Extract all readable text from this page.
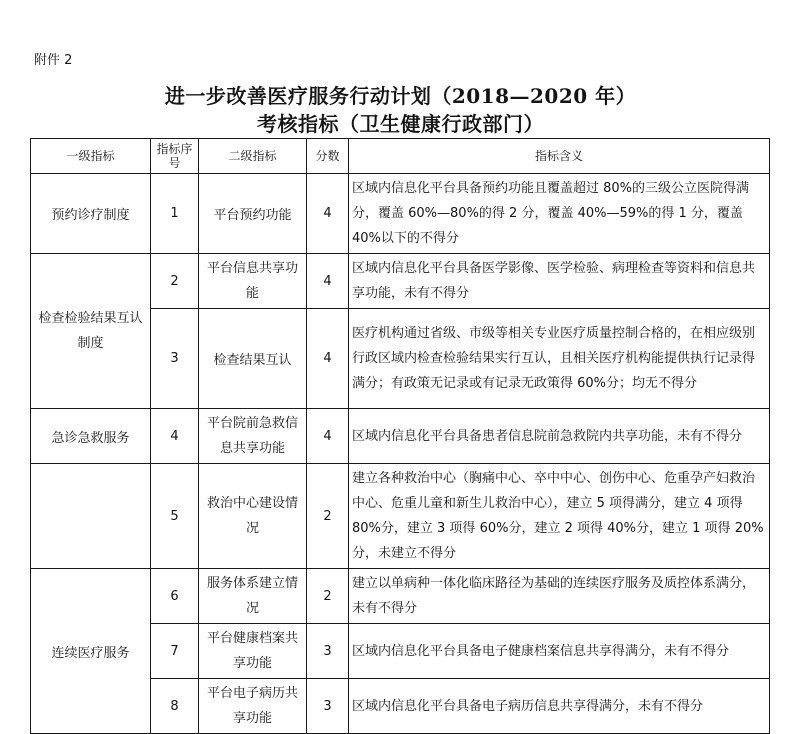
附件 2
进一步改善医疗服务行动计划（2018—2020 年）
考核指标（卫生健康行政部门）
一级指标	指标序号	二级指标	分数	指标含义
预约诊疗制度	1	平台预约功能	4	区域内信息化平台具备预约功能且覆盖超过 80%的三级公立医院得满分，覆盖 60%—80%的得 2 分，覆盖 40%—59%的得 1 分，覆盖 40%以下的不得分
检查检验结果互认制度	2	平台信息共享功能	4	区域内信息化平台具备医学影像、医学检验、病理检查等资料和信息共享功能，未有不得分
	3	检查结果互认	4	医疗机构通过省级、市级等相关专业医疗质量控制合格的，在相应级别行政区域内检查检验结果实行互认，且相关医疗机构能提供执行记录得满分；有政策无记录或有记录无政策得 60%分；均无不得分
急诊急救服务	4	平台院前急救信息共享功能	4	区域内信息化平台具备患者信息院前急救院内共享功能，未有不得分
	5	救治中心建设情况	2	建立各种救治中心（胸痛中心、卒中中心、创伤中心、危重孕产妇救治中心、危重儿童和新生儿救治中心），建立 5 项得满分，建立 4 项得 80%分，建立 3 项得 60%分，建立 2 项得 40%分，建立 1 项得 20%分，未建立不得分
连续医疗服务	6	服务体系建立情况	2	建立以单病种一体化临床路径为基础的连续医疗服务及质控体系满分，未有不得分
	7	平台健康档案共享功能	3	区域内信息化平台具备电子健康档案信息共享得满分，未有不得分
	8	平台电子病历共享功能	3	区域内信息化平台具备电子病历信息共享得满分，未有不得分
